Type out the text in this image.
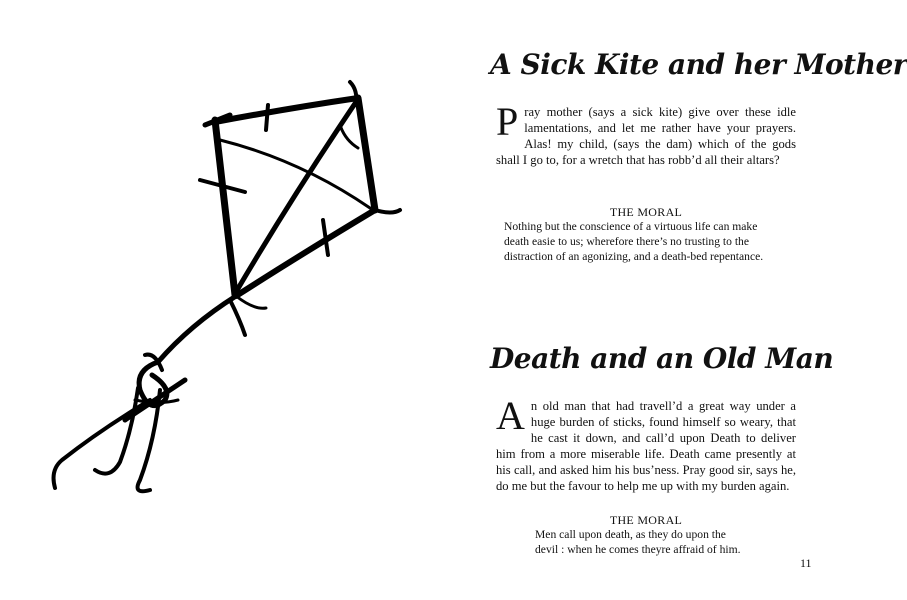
A Sick Kite and her Mother

Pray mother (says a sick kite) give over these idle lamentations, and let me rather have your prayers. Alas! my child, (says the dam) which of the gods shall I go to, for a wretch that has robb’d all their altars?

THE MORAL

Nothing but the conscience of a virtuous life can make death easie to us; wherefore there’s no trusting to the distraction of an agonizing, and a death-bed repentance.

Death and an Old Man

An old man that had travell’d a great way under a huge burden of sticks, found himself so weary, that he cast it down, and call’d upon Death to deliver him from a more miserable life. Death came presently at his call, and asked him his bus’ness. Pray good sir, says he, do me but the favour to help me up with my burden again.

THE MORAL
Men call upon death, as they do upon the
devil : when he comes theyre affraid of him.
11
